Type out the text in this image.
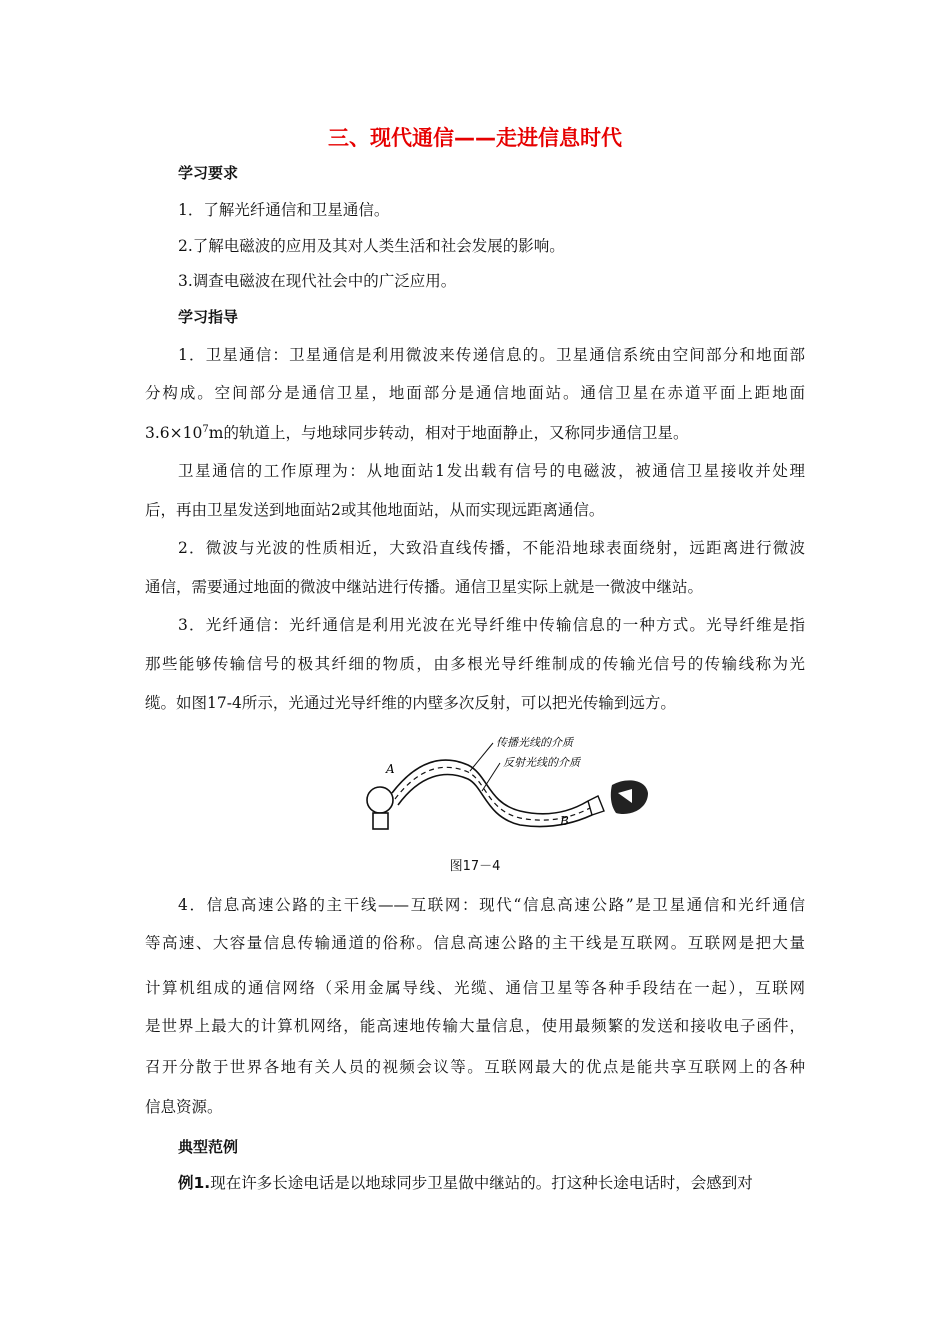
三、现代通信——走进信息时代
学习要求
1．了解光纤通信和卫星通信。
2.了解电磁波的应用及其对人类生活和社会发展的影响。
3.调查电磁波在现代社会中的广泛应用。
学习指导
1．卫星通信：卫星通信是利用微波来传递信息的。卫星通信系统由空间部分和地面部
分构成。空间部分是通信卫星，地面部分是通信地面站。通信卫星在赤道平面上距地面
$3.6\times 10^7m$的轨道上，与地球同步转动，相对于地面静止，又称同步通信卫星。
卫星通信的工作原理为：从地面站1发出载有信号的电磁波，被通信卫星接收并处理
后，再由卫星发送到地面站2或其他地面站，从而实现远距离通信。
2．微波与光波的性质相近，大致沿直线传播，不能沿地球表面绕射，远距离进行微波
通信，需要通过地面的微波中继站进行传播。通信卫星实际上就是一微波中继站。
3．光纤通信：光纤通信是利用光波在光导纤维中传输信息的一种方式。光导纤维是指
那些能够传输信号的极其纤细的物质，由多根光导纤维制成的传输光信号的传输线称为光
缆。如图17-4所示，光通过光导纤维的内壁多次反射，可以把光传输到远方。
传播光线的介质
反射光线的介质
A
B
图17－4
4．信息高速公路的主干线——互联网：现代“信息高速公路”是卫星通信和光纤通信
等高速、大容量信息传输通道的俗称。信息高速公路的主干线是互联网。互联网是把大量
计算机组成的通信网络（采用金属导线、光缆、通信卫星等各种手段结在一起），互联网
是世界上最大的计算机网络，能高速地传输大量信息，使用最频繁的发送和接收电子函件，
召开分散于世界各地有关人员的视频会议等。互联网最大的优点是能共享互联网上的各种
信息资源。
典型范例
例1.现在许多长途电话是以地球同步卫星做中继站的。打这种长途电话时，会感到对
